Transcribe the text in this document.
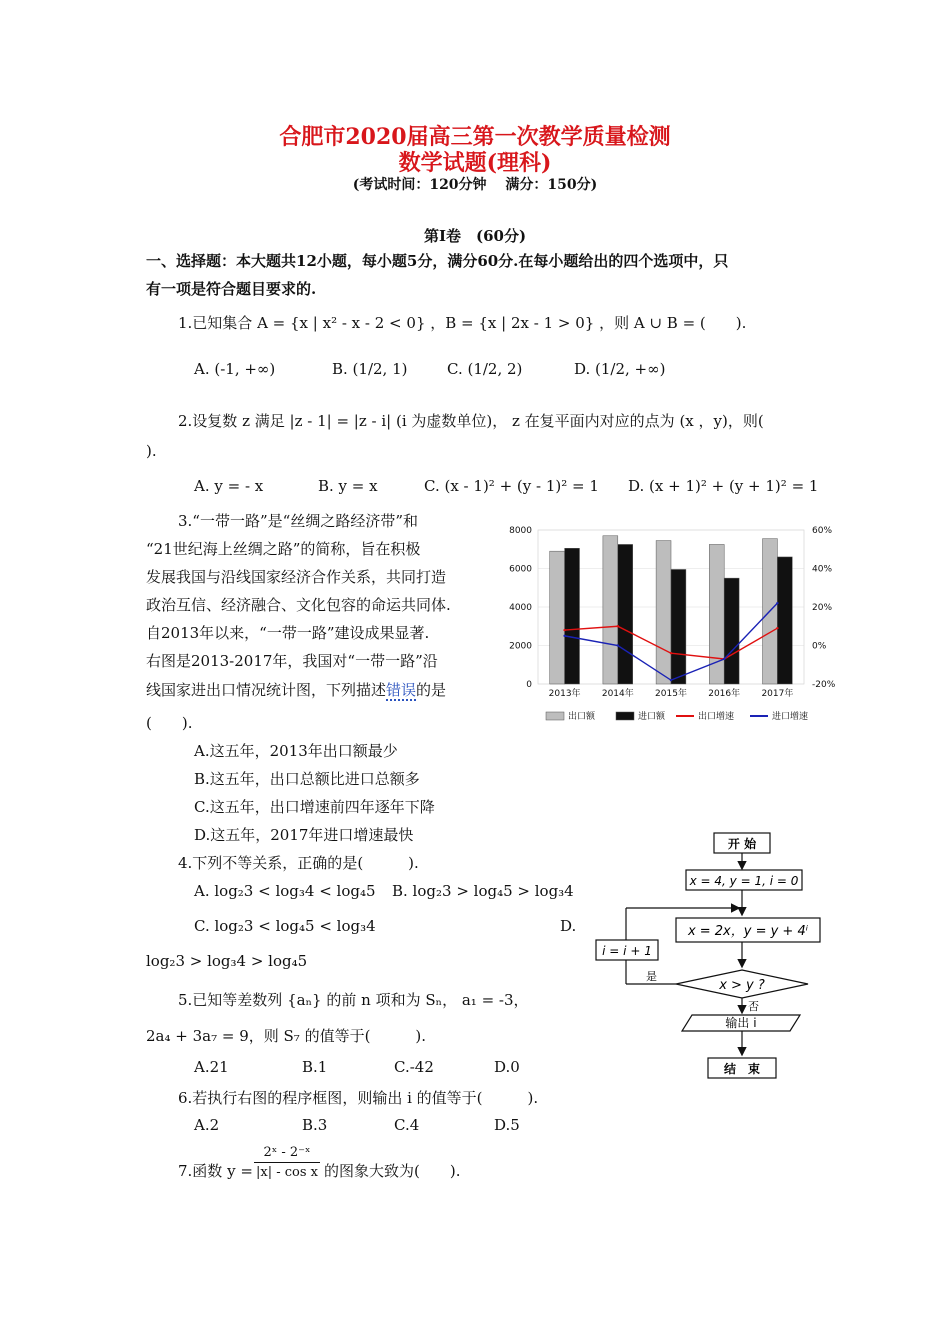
合肥市2020届高三第一次教学质量检测
数学试题(理科)
(考试时间：120分钟　 满分：150分)
第Ⅰ卷　(60分)
一、选择题：本大题共12小题，每小题5分，满分60分.在每小题给出的四个选项中，只
有一项是符合题目要求的.
1.已知集合 A = {x | x² - x - 2 < 0} ，B = {x | 2x - 1 > 0} ，则 A ∪ B = (　　).
A. (-1, +∞)	B. (1/2, 1)	C. (1/2, 2)	D. (1/2, +∞)
2.设复数 z 满足 |z - 1| = |z - i| (i 为虚数单位)， z 在复平面内对应的点为 (x ，y)，则(
).
A. y = - x	B. y = x	C. (x - 1)² + (y - 1)² = 1 D. (x + 1)² + (y + 1)² = 1
3.“一带一路”是“丝绸之路经济带”和
“21世纪海上丝绸之路”的简称，旨在积极
发展我国与沿线国家经济合作关系，共同打造
政治互信、经济融合、文化包容的命运共同体.
自2013年以来，“一带一路”建设成果显著.
右图是2013-2017年，我国对“一带一路”沿
线国家进出口情况统计图，下列描述错误的是
(　　).
A.这五年，2013年出口额最少
B.这五年，出口总额比进口总额多
C.这五年，出口增速前四年逐年下降
D.这五年，2017年进口增速最快
0
2000
4000
6000
8000
-20%
0%
20%
40%
60%
2013年 2014年 2015年 2016年 2017年
出口额	进口额	出口增速	进口增速
4.下列不等关系，正确的是(　　　).
A. log₂3 < log₃4 < log₄5 B. log₂3 > log₄5 > log₃4
C. log₂3 < log₄5 < log₃4	D.
log₂3 > log₃4 > log₄5
5.已知等差数列 {aₙ} 的前 n 项和为 Sₙ， a₁ = -3，
2a₄ + 3a₇ = 9，则 S₇ 的值等于(　　　).
A.21	B.1	C.-42	D.0
6.若执行右图的程序框图，则输出 i 的值等于(　　　).
A.2	B.3	C.4	D.5
7.函数 $y = \frac{\text{2ˣ - 2⁻ˣ}}{\text{|x| - cos x}}$ 的图象大致为(　　).
开 始
x = 4, y = 1, i = 0
x = 2x，y = y + 4ⁱ
x > y ?
是
i = i + 1
否
输出 i
结　束
